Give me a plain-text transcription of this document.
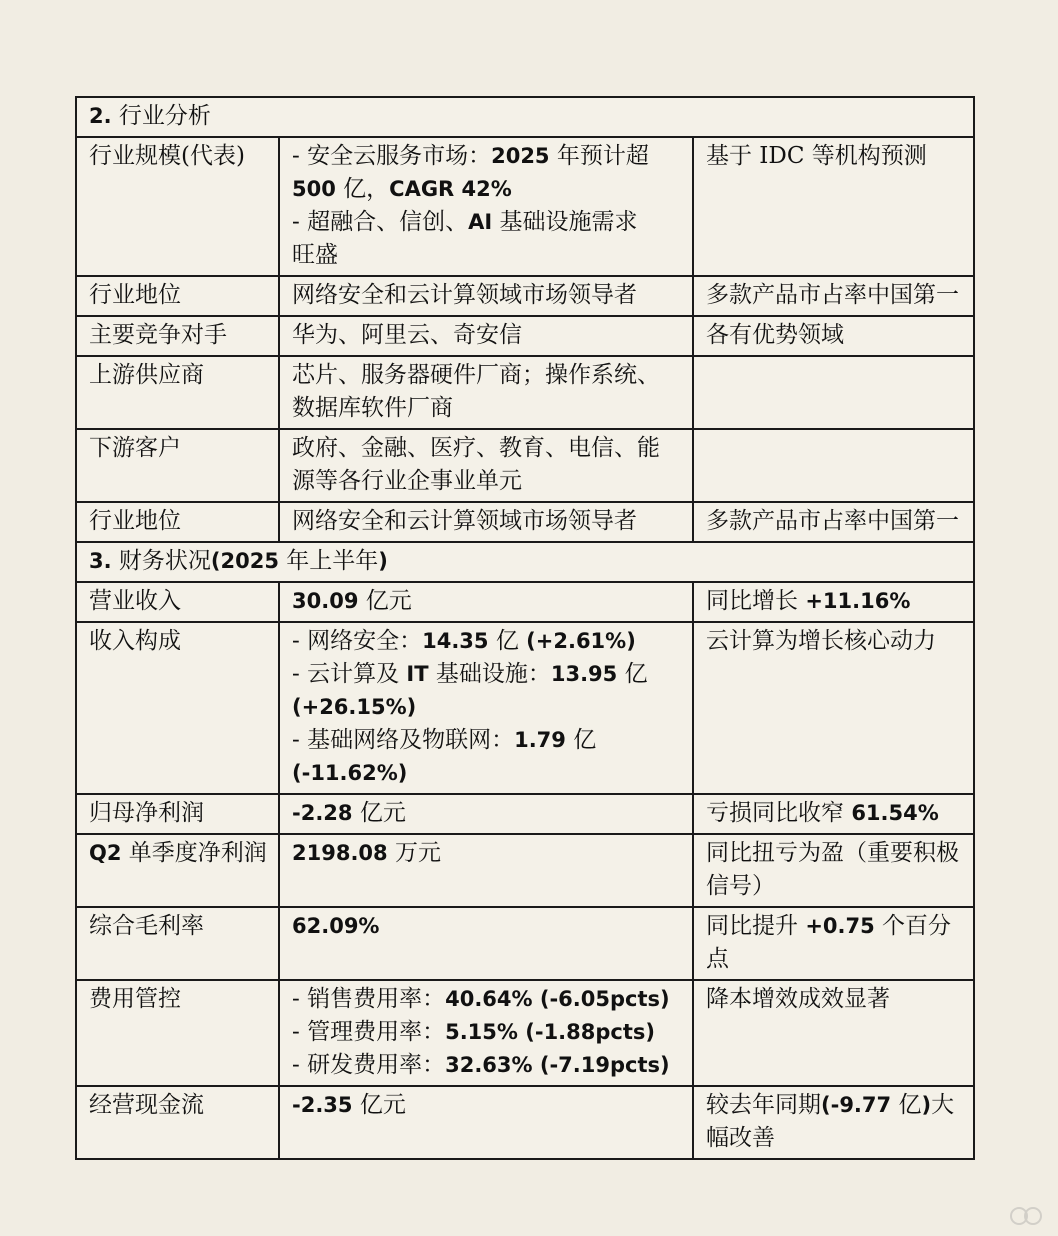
2. 行业分析		
行业规模(代表)	- 安全云服务市场：2025 年预计超
500 亿，CAGR 42%
- 超融合、信创、AI 基础设施需求
旺盛	基于 IDC 等机构预测
行业地位	网络安全和云计算领域市场领导者	多款产品市占率中国第一
主要竞争对手	华为、阿里云、奇安信	各有优势领域
上游供应商	芯片、服务器硬件厂商；操作系统、数据库软件厂商	
下游客户	政府、金融、医疗、教育、电信、能源等各行业企事业单元	
行业地位	网络安全和云计算领域市场领导者	多款产品市占率中国第一
3. 财务状况(2025 年上半年)		
营业收入	30.09 亿元	同比增长 +11.16%
收入构成	- 网络安全：14.35 亿 (+2.61%)
- 云计算及 IT 基础设施：13.95 亿
(+26.15%)
- 基础网络及物联网：1.79 亿
(-11.62%)	云计算为增长核心动力
归母净利润	-2.28 亿元	亏损同比收窄 61.54%
Q2 单季度净利润	2198.08 万元	同比扭亏为盈（重要积极信号）
综合毛利率	62.09%	同比提升 +0.75 个百分点
费用管控	- 销售费用率：40.64% (-6.05pcts)
- 管理费用率：5.15% (-1.88pcts)
- 研发费用率：32.63% (-7.19pcts)	降本增效成效显著
经营现金流	-2.35 亿元	较去年同期(-9.77 亿)大幅改善
